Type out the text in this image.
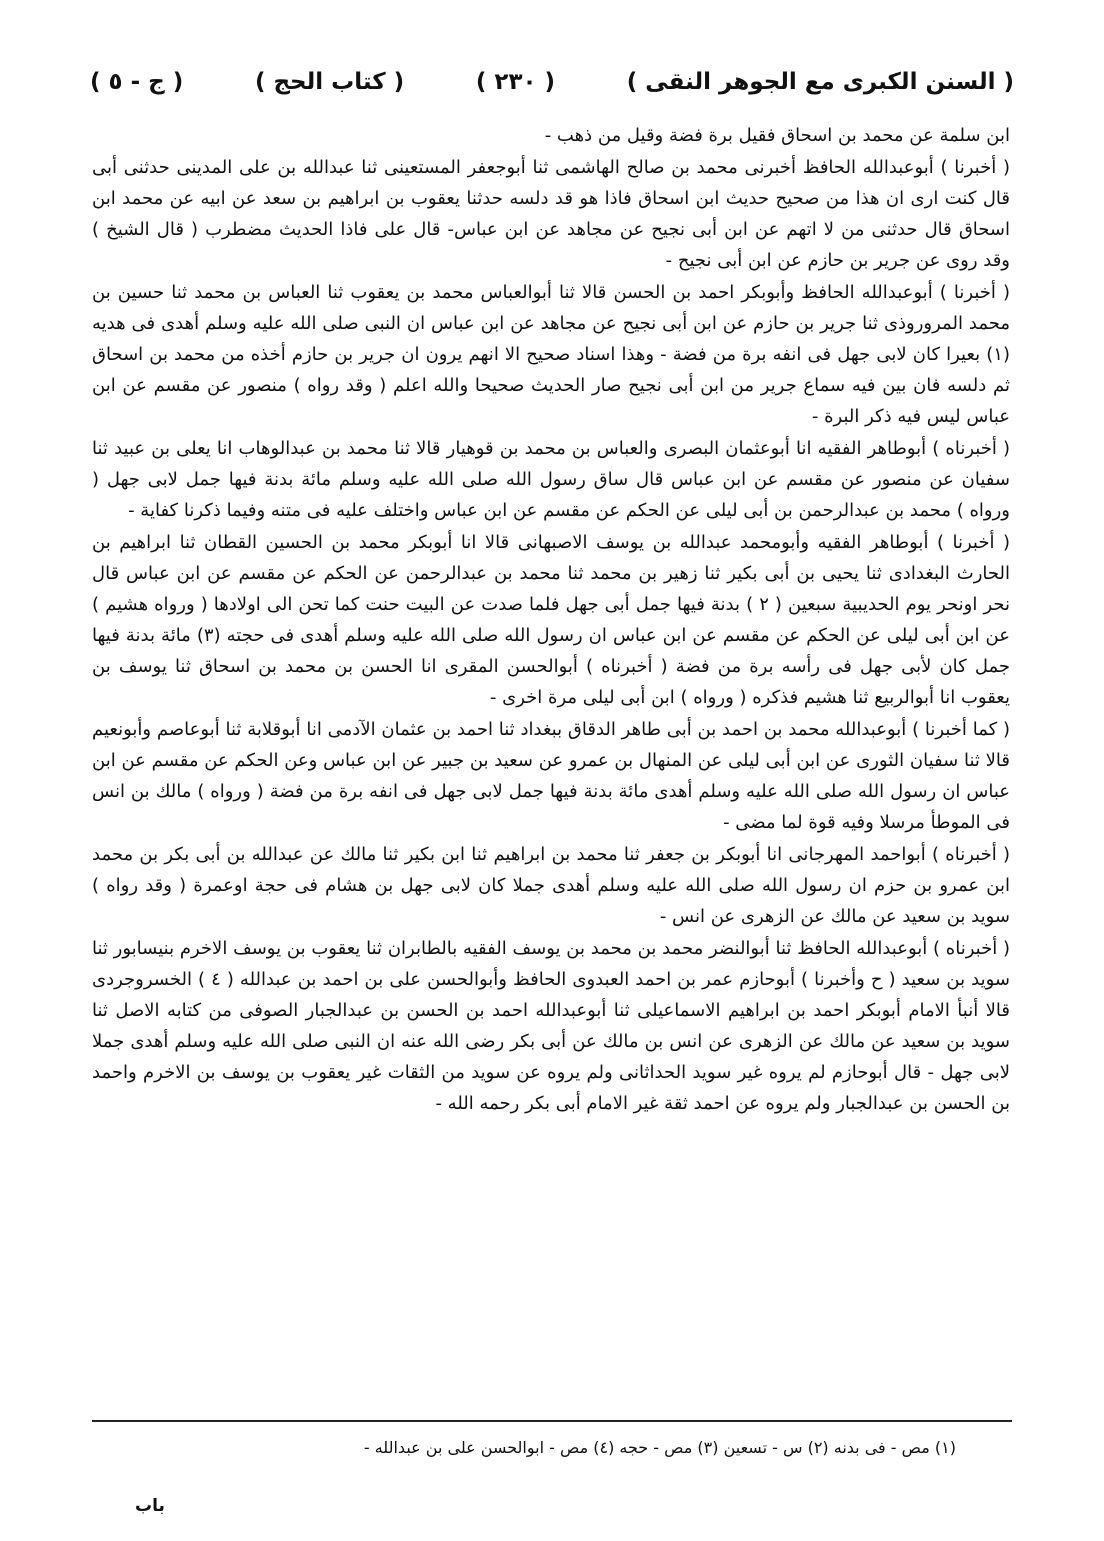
( السنن الكبرى مع الجوهر النقى )
( ٢٣٠ )
( كتاب الحج )
( ج - ٥ )

ابن سلمة عن محمد بن اسحاق فقيل برة فضة وقيل من ذهب -

( أخبرنا ) أبوعبدالله الحافظ أخبرنى محمد بن صالح الهاشمى ثنا أبوجعفر المستعينى ثنا عبدالله بن على المدينى حدثنى أبى قال كنت ارى ان هذا من صحيح حديث ابن اسحاق فاذا هو قد دلسه حدثنا يعقوب بن ابراهيم بن سعد عن ابيه عن محمد ابن اسحاق قال حدثنى من لا اتهم عن ابن أبى نجيح عن مجاهد عن ابن عباس- قال على فاذا الحديث مضطرب ( قال الشيخ ) وقد روى عن جرير بن حازم عن ابن أبى نجيح -

( أخبرنا ) أبوعبدالله الحافظ وأبوبكر احمد بن الحسن قالا ثنا أبوالعباس محمد بن يعقوب ثنا العباس بن محمد ثنا حسين بن محمد المروروذى ثنا جرير بن حازم عن ابن أبى نجيح عن مجاهد عن ابن عباس ان النبى صلى الله عليه وسلم أهدى فى هديه (١) بعيرا كان لابى جهل فى انفه برة من فضة - وهذا اسناد صحيح الا انهم يرون ان جرير بن حازم أخذه من محمد بن اسحاق ثم دلسه فان بين فيه سماع جرير من ابن أبى نجيح صار الحديث صحيحا والله اعلم ( وقد رواه ) منصور عن مقسم عن ابن عباس ليس فيه ذكر البرة -

( أخبرناه ) أبوطاهر الفقيه انا أبوعثمان البصرى والعباس بن محمد بن قوهيار قالا ثنا محمد بن عبدالوهاب انا يعلى بن عبيد ثنا سفيان عن منصور عن مقسم عن ابن عباس قال ساق رسول الله صلى الله عليه وسلم مائة بدنة فيها جمل لابى جهل ( ورواه ) محمد بن عبدالرحمن بن أبى ليلى عن الحكم عن مقسم عن ابن عباس واختلف عليه فى متنه وفيما ذكرنا كفاية -

( أخبرنا ) أبوطاهر الفقيه وأبومحمد عبدالله بن يوسف الاصبهانى قالا انا أبوبكر محمد بن الحسين القطان ثنا ابراهيم بن الحارث البغدادى ثنا يحيى بن أبى بكير ثنا زهير بن محمد ثنا محمد بن عبدالرحمن عن الحكم عن مقسم عن ابن عباس قال نحر اونحر يوم الحديبية سبعين ( ٢ ) بدنة فيها جمل أبى جهل فلما صدت عن البيت حنت كما تحن الى اولادها ( ورواه هشيم ) عن ابن أبى ليلى عن الحكم عن مقسم عن ابن عباس ان رسول الله صلى الله عليه وسلم أهدى فى حجته (٣) مائة بدنة فيها جمل كان لأبى جهل فى رأسه برة من فضة ( أخبرناه ) أبوالحسن المقرى انا الحسن بن محمد بن اسحاق ثنا يوسف بن يعقوب انا أبوالربيع ثنا هشيم فذكره ( ورواه ) ابن أبى ليلى مرة اخرى -

( كما أخبرنا ) أبوعبدالله محمد بن احمد بن أبى طاهر الدقاق ببغداد ثنا احمد بن عثمان الآدمى انا أبوقلابة ثنا أبوعاصم وأبونعيم قالا ثنا سفيان الثورى عن ابن أبى ليلى عن المنهال بن عمرو عن سعيد بن جبير عن ابن عباس وعن الحكم عن مقسم عن ابن عباس ان رسول الله صلى الله عليه وسلم أهدى مائة بدنة فيها جمل لابى جهل فى انفه برة من فضة ( ورواه ) مالك بن انس فى الموطأ مرسلا وفيه قوة لما مضى -

( أخبرناه ) أبواحمد المهرجانى انا أبوبكر بن جعفر ثنا محمد بن ابراهيم ثنا ابن بكير ثنا مالك عن عبدالله بن أبى بكر بن محمد ابن عمرو بن حزم ان رسول الله صلى الله عليه وسلم أهدى جملا كان لابى جهل بن هشام فى حجة اوعمرة ( وقد رواه ) سويد بن سعيد عن مالك عن الزهرى عن انس -

( أخبرناه ) أبوعبدالله الحافظ ثنا أبوالنضر محمد بن محمد بن يوسف الفقيه بالطابران ثنا يعقوب بن يوسف الاخرم بنيسابور ثنا سويد بن سعيد ( ح وأخبرنا ) أبوحازم عمر بن احمد العبدوى الحافظ وأبوالحسن على بن احمد بن عبدالله ( ٤ ) الخسروجردى قالا أنبأ الامام أبوبكر احمد بن ابراهيم الاسماعيلى ثنا أبوعبدالله احمد بن الحسن بن عبدالجبار الصوفى من كتابه الاصل ثنا سويد بن سعيد عن مالك عن الزهرى عن انس بن مالك عن أبى بكر رضى الله عنه ان النبى صلى الله عليه وسلم أهدى جملا لابى جهل - قال أبوحازم لم يروه غير سويد الحداثانى ولم يروه عن سويد من الثقات غير يعقوب بن يوسف بن الاخرم واحمد بن الحسن بن عبدالجبار ولم يروه عن احمد ثقة غير الامام أبى بكر رحمه الله -

(١) مص - فى بدنه (٢) س - تسعين (٣) مص - حجه (٤) مص - ابوالحسن على بن عبدالله -
باب
